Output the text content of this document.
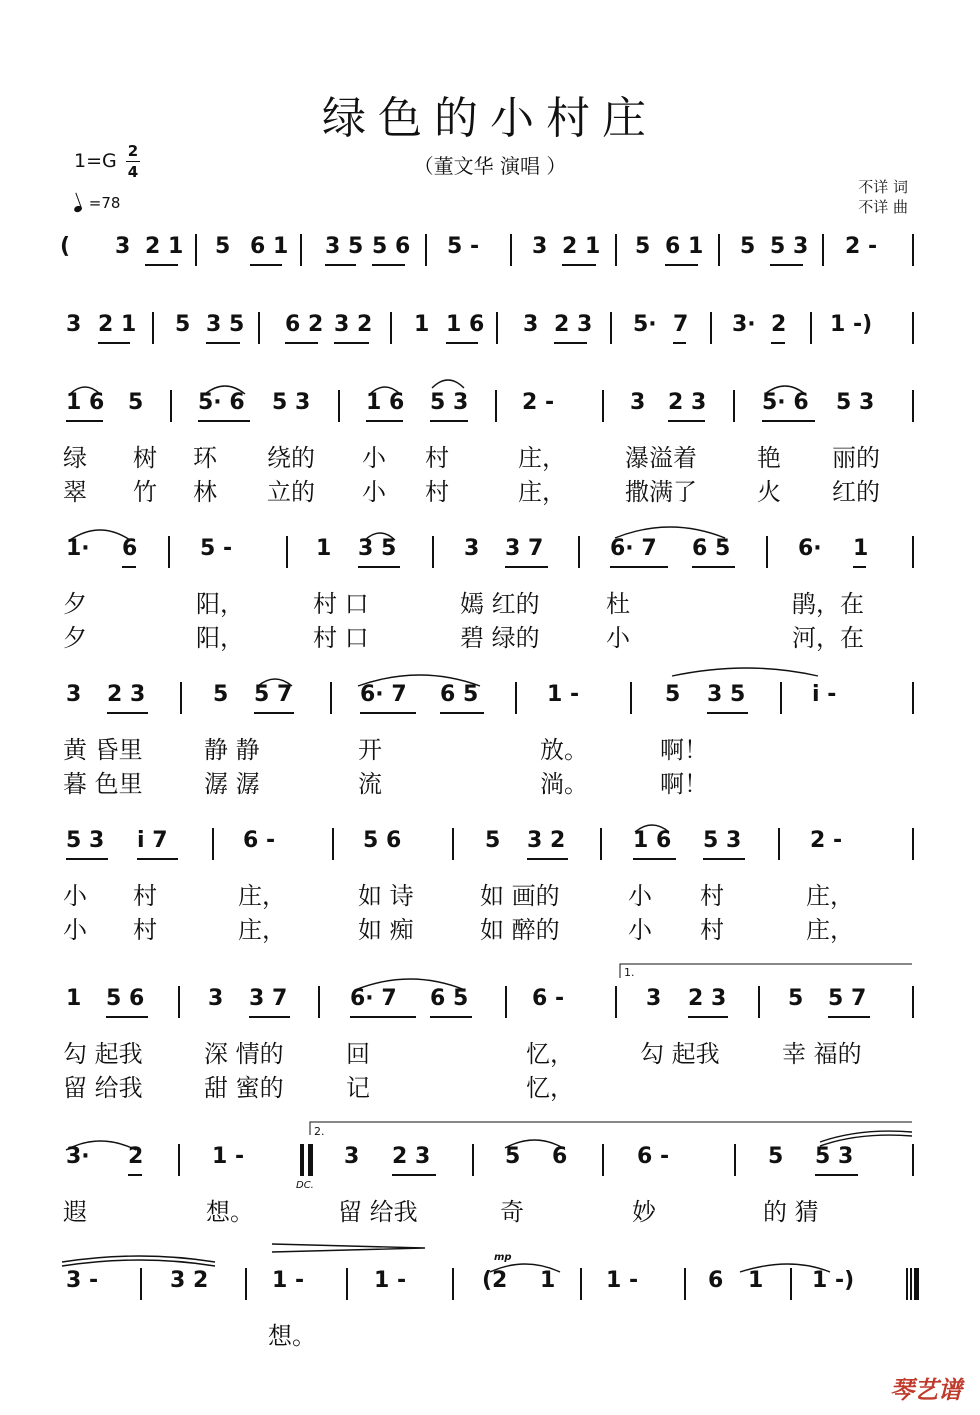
绿色的小村庄
（董文华 演唱 ）
1=G 2
4
=78
不详 词
不详 曲
( 3 2 1 5 6 1 3 5 5 6 5 - 3 2 1 5 6 1 5 5 3 2 -
3 2 1 5 3 5 6 2 3 2 1 1 6 3 2 3 5· 7 3· 2 1 -)
1 6 5 5· 6 5 3	1 6 5 3 2 -	3 2 3	5· 6 5 3
绿 树 环 绕的 小 村	庄， 瀑溢着	艳 丽的
翠 竹 林 立的 小 村	庄， 撒满了	火 红的
1· 6	5 -	1 3 5	3 3 7	6· 7 6 5	6· 1
夕	阳，	村 口	嫣 红的	杜	鹃，在
夕	阳，	村 口	碧 绿的	小	河，在
3 2 3	5 5 7	6· 7 6 5	1 -	5 3 5	i -
黄 昏里	静 静	开	放。	啊！
暮 色里	潺 潺	流	淌。	啊！
5 3 i 7	6 -	5 6	5 3 2	1 6 5 3	2 -
小 村	庄，	如 诗	如 画的	小 村	庄，
小 村	庄，	如 痴	如 醉的	小 村	庄，
1 5 6	3 3 7	6· 7 6 5	6 -	3 2 3	5 5 7
勾 起我	深 情的	回	忆，	勾 起我	幸 福的
留 给我	甜 蜜的	记	忆，
3· 2	1 -	3 2 3	5 6	6 -	5 5 3
遐	想。	留 给我	奇	妙	的 猜
3 -	3 2	1 -	1 -	(2 1 1 -	6 1 1 -)
想。
1.
2.
DC.
mp
琴艺谱
